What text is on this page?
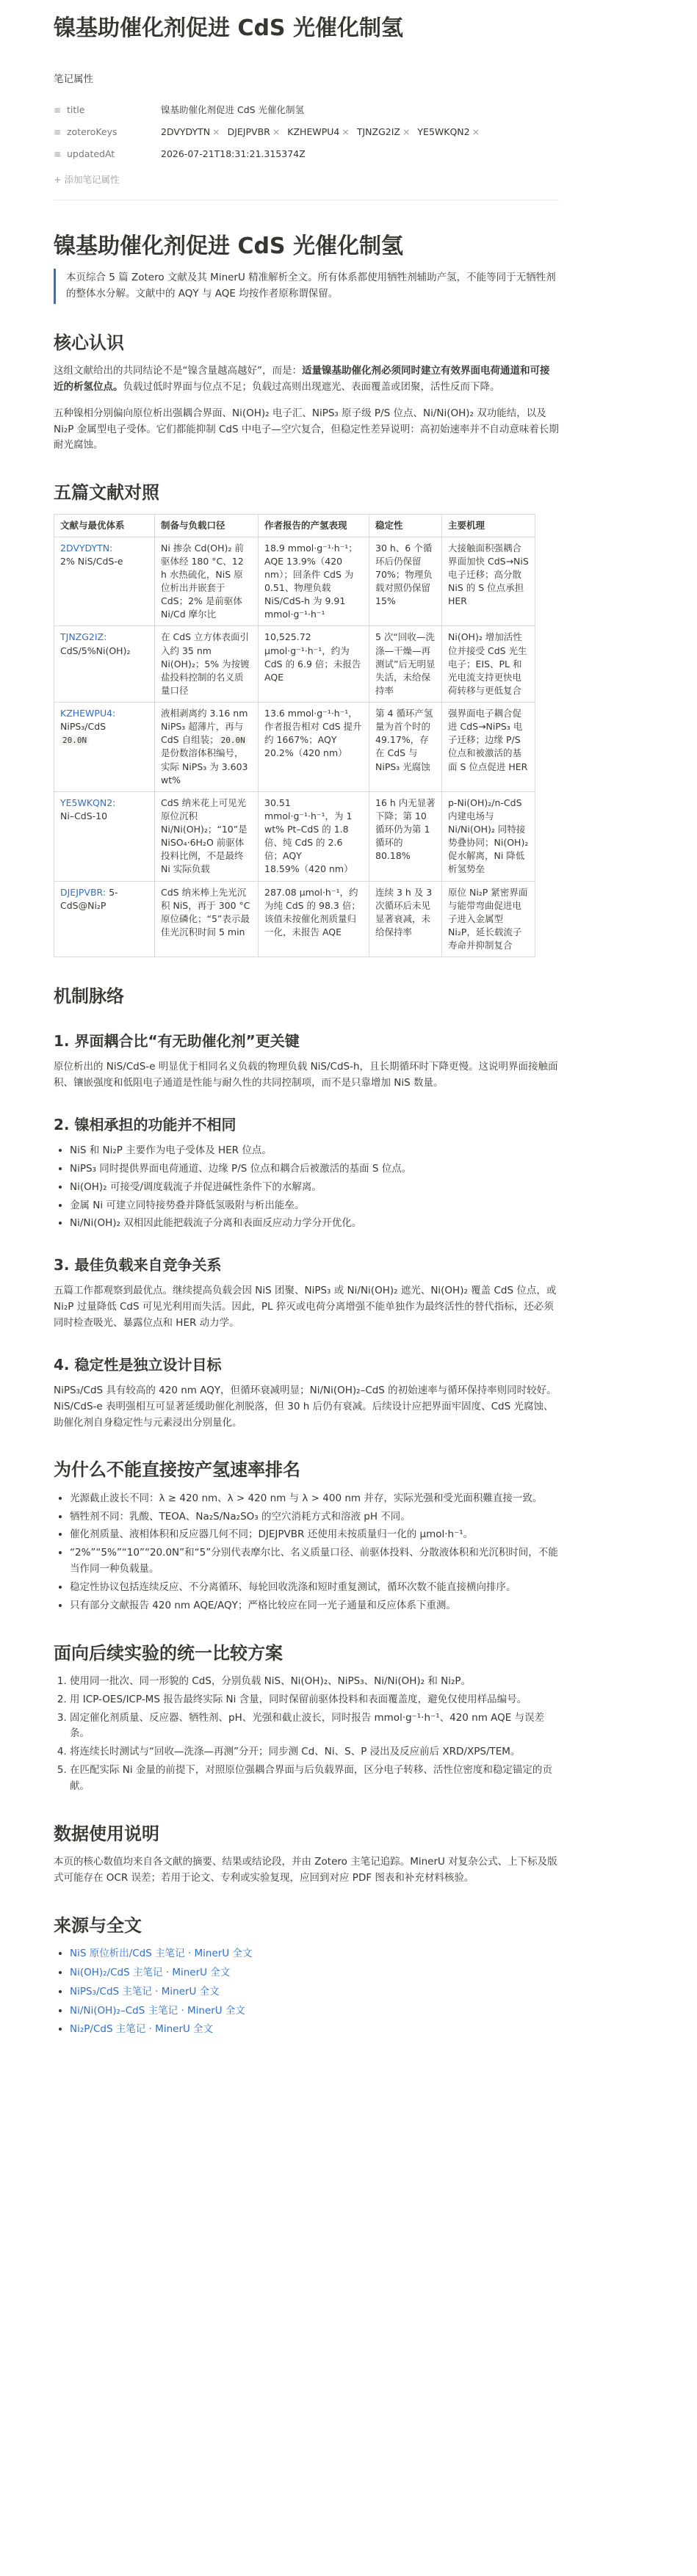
镍基助催化剂促进 CdS 光催化制氢
笔记属性
≡ title	镍基助催化剂促进 CdS 光催化制氢
≡ zoteroKeys	2DVYDYTN × DJEJPVBR × KZHEWPU4 × TJNZG2IZ × YE5WKQN2 ×
≡ updatedAt	2026-07-21T18:31:21.315374Z
+ 添加笔记属性
镍基助催化剂促进 CdS 光催化制氢
本页综合 5 篇 Zotero 文献及其 MinerU 精准解析全文。所有体系都使用牺牲剂辅助产氢，不能等同于无牺牲剂的整体水分解。文献中的 AQY 与 AQE 均按作者原称谓保留。
核心认识

这组文献给出的共同结论不是“镍含量越高越好”，而是：适量镍基助催化剂必须同时建立有效界面电荷通道和可接近的析氢位点。负载过低时界面与位点不足；负载过高则出现遮光、表面覆盖或团聚，活性反而下降。

五种镍相分别偏向原位析出强耦合界面、Ni(OH)₂ 电子汇、NiPS₃ 原子级 P/S 位点、Ni/Ni(OH)₂ 双功能结，以及 Ni₂P 金属型电子受体。它们都能抑制 CdS 中电子—空穴复合，但稳定性差异说明：高初始速率并不自动意味着长期耐光腐蚀。

五篇文献对照
文献与最优体系	制备与负载口径	作者报告的产氢表现	稳定性	主要机理
2DVYDYTN:
2% NiS/CdS-e	Ni 掺杂 Cd(OH)₂ 前驱体经 180 °C、12 h 水热硫化，NiS 原位析出并嵌套于 CdS；2% 是前驱体 Ni/Cd 摩尔比	18.9 mmol·g⁻¹·h⁻¹；AQE 13.9%（420 nm）；回条件 CdS 为 0.51、物理负载 NiS/CdS-h 为 9.91 mmol·g⁻¹·h⁻¹	30 h、6 个循环后仍保留 70%；物理负载对照仍保留 15%	大接触面积强耦合界面加快 CdS→NiS 电子迁移；高分散 NiS 的 S 位点承担 HER
TJNZG2IZ:
CdS/5%Ni(OH)₂	在 CdS 立方体表面引入约 35 nm Ni(OH)₂；5% 为按镀盐投料控制的名义质量口径	10,525.72 μmol·g⁻¹·h⁻¹，约为 CdS 的 6.9 倍；未报告 AQE	5 次“回收—洗涤—干燥—再测试”后无明显失活，未给保持率	Ni(OH)₂ 增加活性位并接受 CdS 光生电子；EIS、PL 和光电流支持更快电荷转移与更低复合
KZHEWPU4:
NiPS₃/CdS
20.0N	液相剥离约 3.16 nm NiPS₃ 超薄片，再与 CdS 自组装； 20.0N 是份数溶体积编号，实际 NiPS₃ 为 3.603 wt%	13.6 mmol·g⁻¹·h⁻¹，作者报告相对 CdS 提升约 1667%；AQY 20.2%（420 nm）	第 4 循环产氢量为首个时的 49.17%，存在 CdS 与 NiPS₃ 光腐蚀	强界面电子耦合促进 CdS→NiPS₃ 电子迁移；边缘 P/S 位点和被激活的基面 S 位点促进 HER
YE5WKQN2:
Ni–CdS-10	CdS 纳米花上可见光原位沉积 Ni/Ni(OH)₂；“10”是 NiSO₄·6H₂O 前驱体投料比例，不是最终 Ni 实际负载	30.51 mmol·g⁻¹·h⁻¹，为 1 wt% Pt–CdS 的 1.8 倍、纯 CdS 的 2.6 倍；AQY 18.59%（420 nm）	16 h 内无显著下降；第 10 循环仍为第 1 循环的 80.18%	p-Ni(OH)₂/n-CdS 内建电场与 Ni/Ni(OH)₂ 同特接势叠协同；Ni(OH)₂ 促水解离，Ni 降低析氢势垒
DJEJPVBR: 5-CdS@Ni₂P	CdS 纳米棒上先光沉积 NiS，再于 300 °C 原位磷化；“5”表示最佳光沉积时间 5 min	287.08 μmol·h⁻¹，约为纯 CdS 的 98.3 倍；该值未按催化剂质量归一化，未报告 AQE	连续 3 h 及 3 次循环后未见显著衰减，未给保持率	原位 Ni₂P 紧密界面与能带弯曲促进电子进入金属型 Ni₂P，延长载流子寿命并抑制复合
机制脉络
1. 界面耦合比“有无助催化剂”更关键

原位析出的 NiS/CdS-e 明显优于相同名义负载的物理负载 NiS/CdS-h，且长期循环时下降更慢。这说明界面接触面积、镶嵌强度和低阻电子通道是性能与耐久性的共同控制项，而不是只靠增加 NiS 数量。

2. 镍相承担的功能并不相同
• NiS 和 Ni₂P 主要作为电子受体及 HER 位点。
• NiPS₃ 同时提供界面电荷通道、边缘 P/S 位点和耦合后被激活的基面 S 位点。
• Ni(OH)₂ 可接受/调度载流子并促进碱性条件下的水解离。
• 金属 Ni 可建立同特接势叠并降低氢吸附与析出能垒。
• Ni/Ni(OH)₂ 双相因此能把载流子分离和表面反应动力学分开优化。
3. 最佳负载来自竞争关系

五篇工作都观察到最优点。继续提高负载会因 NiS 团聚、NiPS₃ 或 Ni/Ni(OH)₂ 遮光、Ni(OH)₂ 覆盖 CdS 位点，或 Ni₂P 过量降低 CdS 可见光利用而失活。因此，PL 猝灭或电荷分离增强不能单独作为最终活性的替代指标，还必须同时检查吸光、暴露位点和 HER 动力学。

4. 稳定性是独立设计目标

NiPS₃/CdS 具有较高的 420 nm AQY，但循环衰减明显；Ni/Ni(OH)₂–CdS 的初始速率与循环保持率则同时较好。NiS/CdS-e 表明强相互可显著延缓助催化剂脱落，但 30 h 后仍有衰减。后续设计应把界面牢固度、CdS 光腐蚀、助催化剂自身稳定性与元素浸出分别量化。

为什么不能直接按产氢速率排名
• 光源截止波长不同：λ ≥ 420 nm、λ > 420 nm 与 λ > 400 nm 并存，实际光强和受光面积難直接一致。
• 牺牲剂不同：乳酸、TEOA、Na₂S/Na₂SO₃ 的空穴消耗方式和溶液 pH 不同。
• 催化剂质量、液相体积和反应器几何不同；DJEJPVBR 还使用未按质量归一化的 μmol·h⁻¹。
• “2%”“5%”“10”“20.0N”和“5”分别代表摩尔比、名义质量口径、前驱体投料、分散液体积和光沉积时间，不能当作同一种负载量。
• 稳定性协议包括连续反应、不分离循环、每轮回收洗涤和短时重复测试，循环次数不能直接横向排序。
• 只有部分文献报告 420 nm AQE/AQY；严格比较应在同一光子通量和反应体系下重测。
面向后续实验的统一比较方案
1. 使用同一批次、同一形貌的 CdS，分别负载 NiS、Ni(OH)₂、NiPS₃、Ni/Ni(OH)₂ 和 Ni₂P。
2. 用 ICP-OES/ICP-MS 报告最终实际 Ni 含量，同时保留前驱体投料和表面覆盖度，避免仅使用样品编号。
3. 固定催化剂质量、反应器、牺牲剂、pH、光强和截止波长，同时报告 mmol·g⁻¹·h⁻¹、420 nm AQE 与误差条。
4. 将连续长时测试与“回收—洗涤—再测”分开；同步测 Cd、Ni、S、P 浸出及反应前后 XRD/XPS/TEM。
5. 在匹配实际 Ni 金量的前提下，对照原位强耦合界面与后负载界面，区分电子转移、活性位密度和稳定锚定的贡献。
数据使用说明

本页的核心数值均来自各文献的摘要、结果或结论段，并由 Zotero 主笔记追踪。MinerU 对复杂公式、上下标及版式可能存在 OCR 误差；若用于论文、专利或实验复现，应回到对应 PDF 图表和补充材料核验。

来源与全文
• NiS 原位析出/CdS 主笔记 · MinerU 全文
• Ni(OH)₂/CdS 主笔记 · MinerU 全文
• NiPS₃/CdS 主笔记 · MinerU 全文
• Ni/Ni(OH)₂–CdS 主笔记 · MinerU 全文
• Ni₂P/CdS 主笔记 · MinerU 全文
